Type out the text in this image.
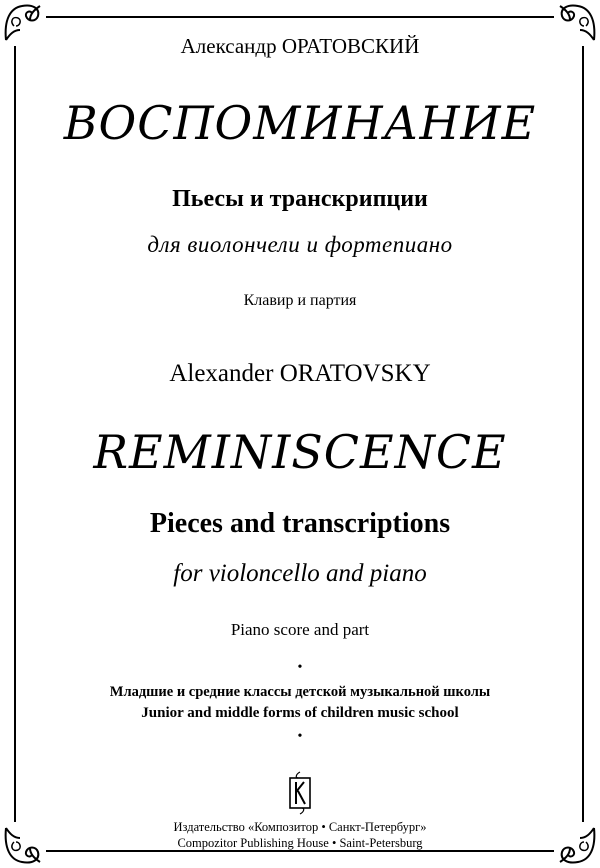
Александр ОРАТОВСКИЙ
ВОСПОМИНАНИЕ
Пьесы и транскрипции
для виолончели и фортепиано
Клавир и партия
Alexander ORATOVSKY
REMINISCENCE
Pieces and transcriptions
for violoncello and piano
Piano score and part
•
Младшие и средние классы детской музыкальной школы
Junior and middle forms of children music school
•
Издательство «Композитор • Санкт-Петербург»
Compozitor Publishing House • Saint-Petersburg
